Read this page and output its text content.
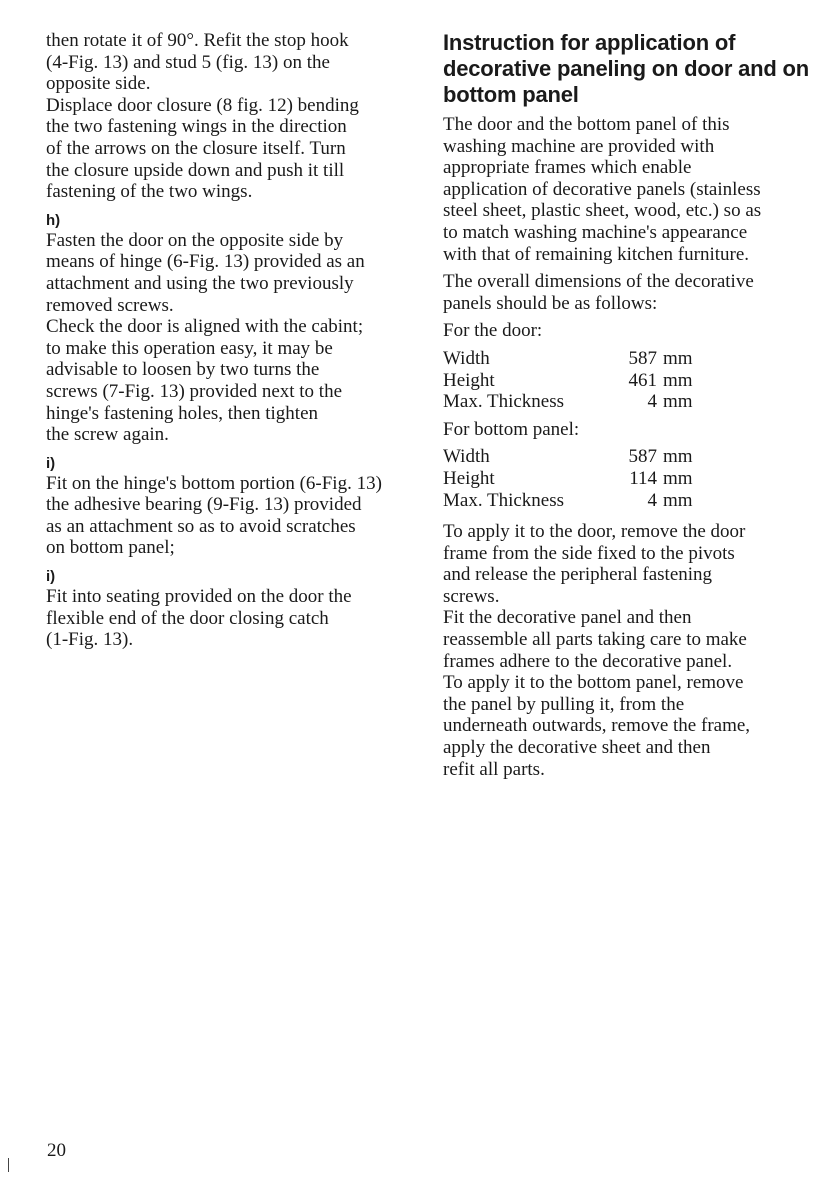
then rotate it of 90°. Refit the stop hook
(4-Fig. 13) and stud 5 (fig. 13) on the
opposite side.
Displace door closure (8 fig. 12) bending
the two fastening wings in the direction
of the arrows on the closure itself. Turn
the closure upside down and push it till
fastening of the two wings.
h)
Fasten the door on the opposite side by
means of hinge (6-Fig. 13) provided as an
attachment and using the two previously
removed screws.
Check the door is aligned with the cabint;
to make this operation easy, it may be
advisable to loosen by two turns the
screws (7-Fig. 13) provided next to the
hinge's fastening holes, then tighten
the screw again.
i)
Fit on the hinge's bottom portion (6-Fig. 13)
the adhesive bearing (9-Fig. 13) provided
as an attachment so as to avoid scratches
on bottom panel;
i)
Fit into seating provided on the door the
flexible end of the door closing catch
(1-Fig. 13).
Instruction for application of
decorative paneling on door and on
bottom panel
The door and the bottom panel of this
washing machine are provided with
appropriate frames which enable
application of decorative panels (stainless
steel sheet, plastic sheet, wood, etc.) so as
to match washing machine's appearance
with that of remaining kitchen furniture.
The overall dimensions of the decorative
panels should be as follows:
For the door:
Width	587	mm
Height	461	mm
Max. Thickness	4	mm
For bottom panel:
Width	587	mm
Height	114	mm
Max. Thickness	4	mm
To apply it to the door, remove the door
frame from the side fixed to the pivots
and release the peripheral fastening
screws.
Fit the decorative panel and then
reassemble all parts taking care to make
frames adhere to the decorative panel.
To apply it to the bottom panel, remove
the panel by pulling it, from the
underneath outwards, remove the frame,
apply the decorative sheet and then
refit all parts.
20
